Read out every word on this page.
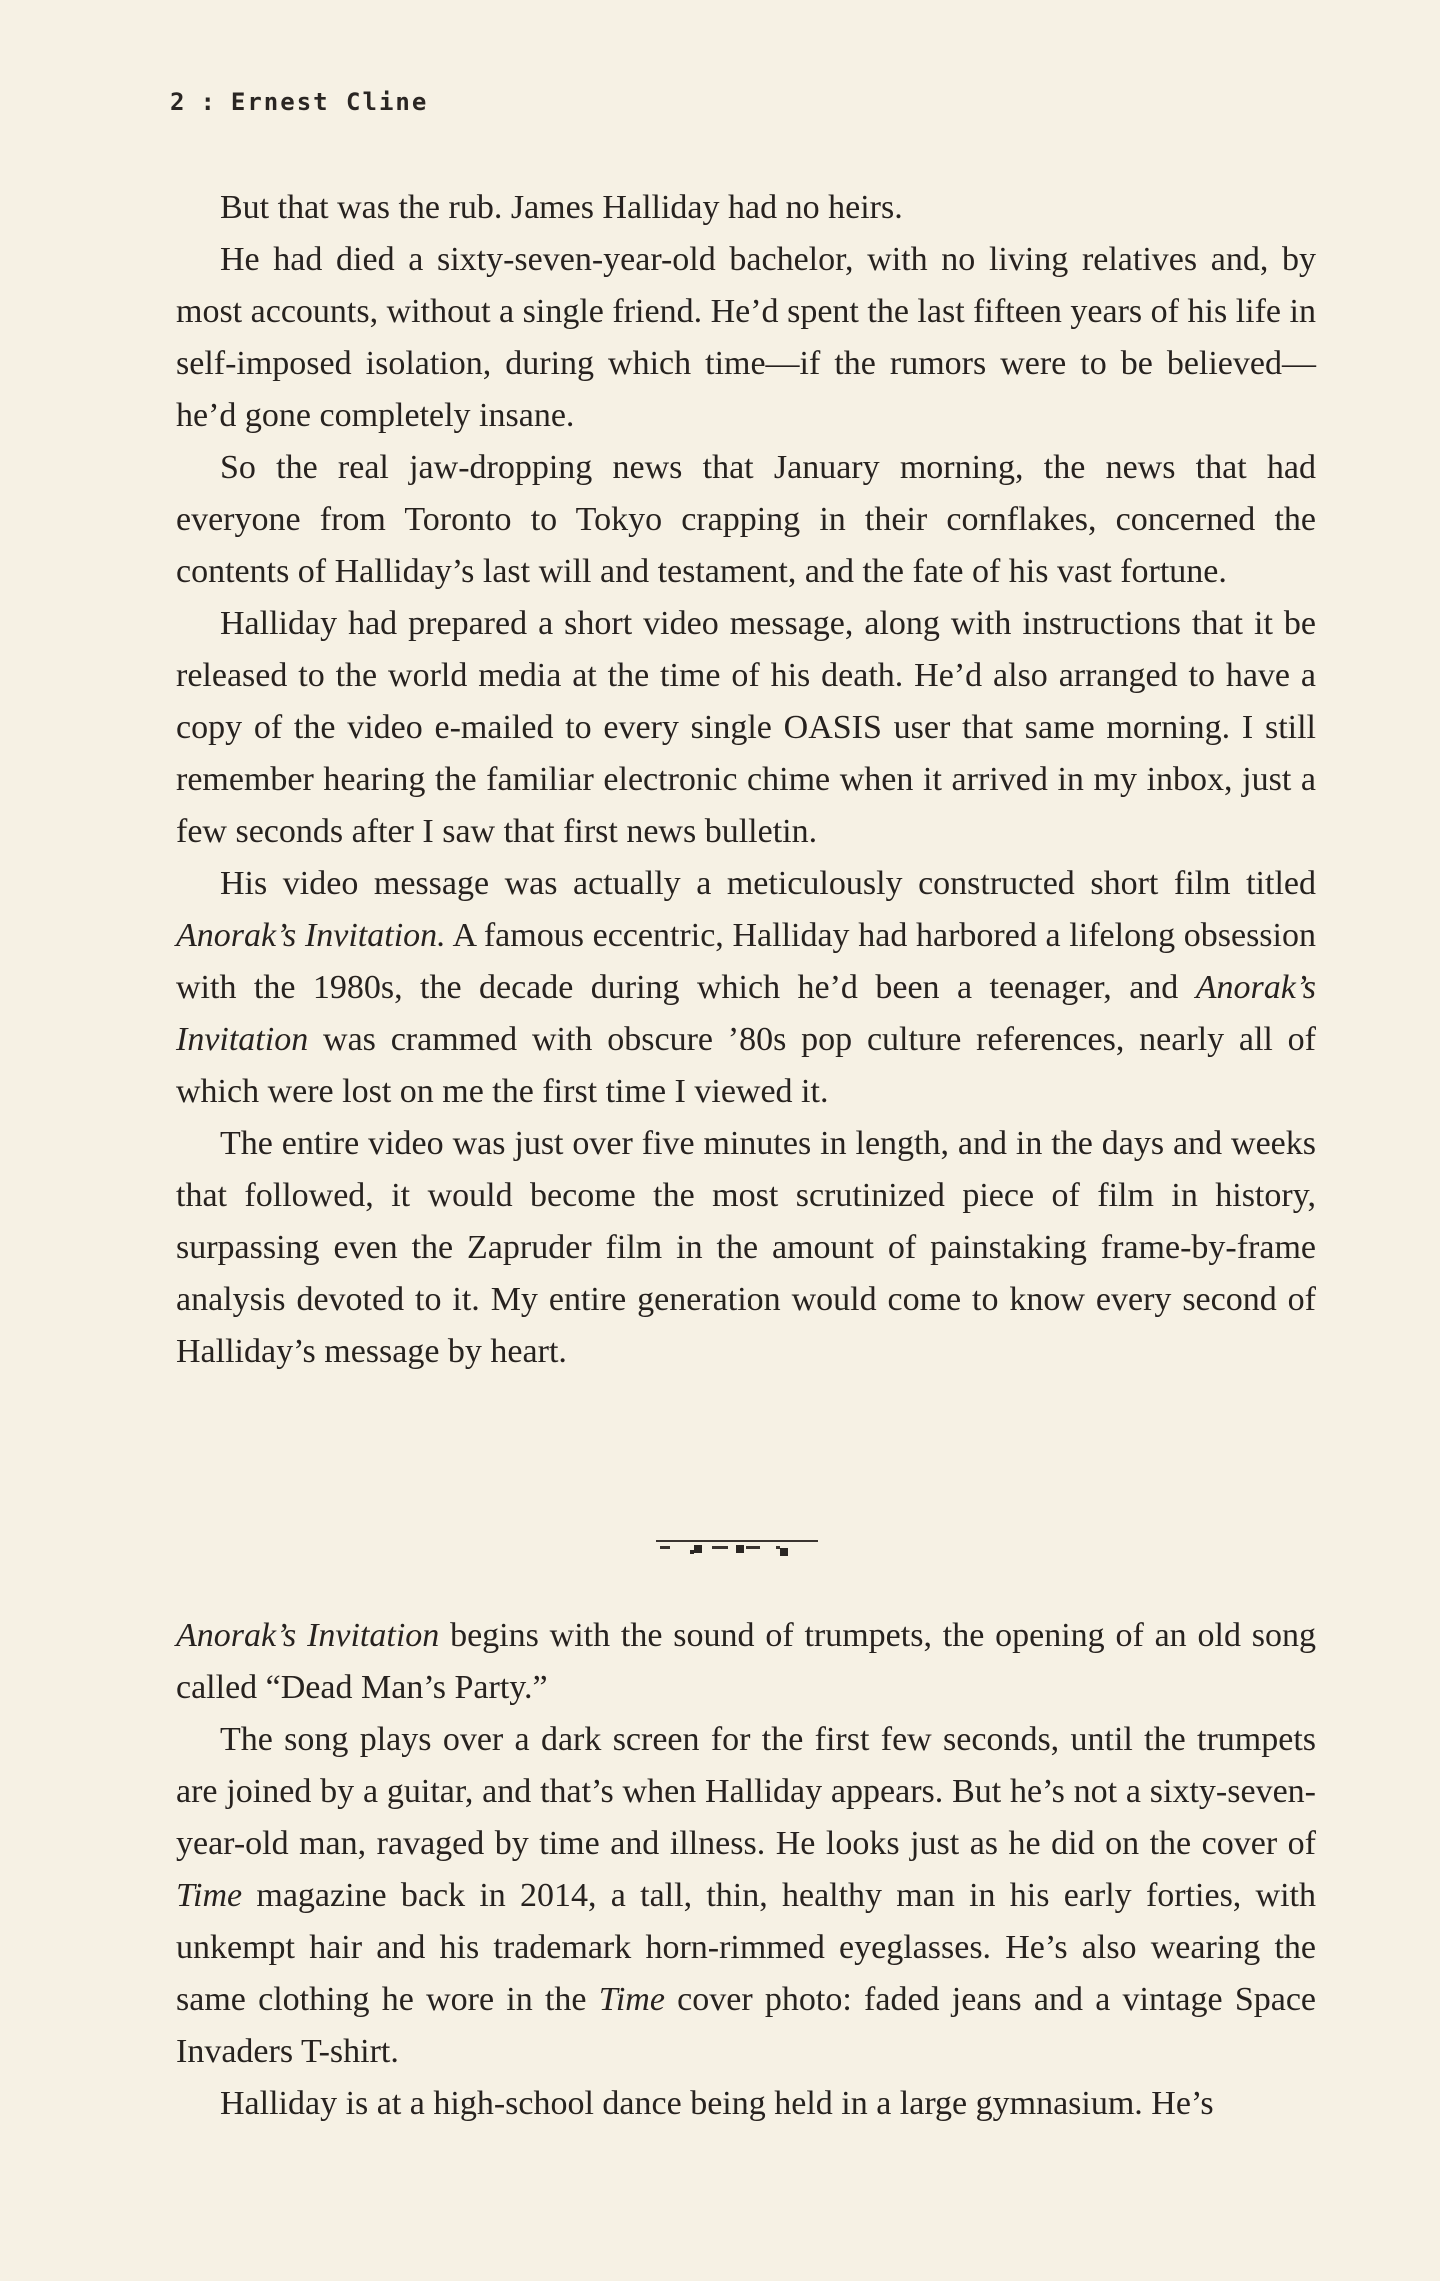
2 : Ernest Cline

But that was the rub. James Halliday had no heirs.

He had died a sixty-seven-year-old bachelor, with no living relatives and, by most accounts, without a single friend. He’d spent the last fifteen years of his life in self-imposed isolation, during which time—if the rumors were to be believed—he’d gone completely insane.

So the real jaw-dropping news that January morning, the news that had everyone from Toronto to Tokyo crapping in their cornflakes, concerned the contents of Halliday’s last will and testament, and the fate of his vast fortune.

Halliday had prepared a short video message, along with instructions that it be released to the world media at the time of his death. He’d also arranged to have a copy of the video e-mailed to every single OASIS user that same morning. I still remember hearing the familiar electronic chime when it arrived in my inbox, just a few seconds after I saw that first news bulletin.

His video message was actually a meticulously constructed short film titled Anorak’s Invitation. A famous eccentric, Halliday had harbored a lifelong obsession with the 1980s, the decade during which he’d been a teenager, and Anorak’s Invitation was crammed with obscure ’80s pop culture references, nearly all of which were lost on me the first time I viewed it.

The entire video was just over five minutes in length, and in the days and weeks that followed, it would become the most scrutinized piece of film in history, surpassing even the Zapruder film in the amount of painstaking frame-by-frame analysis devoted to it. My entire generation would come to know every second of Halliday’s message by heart.

Anorak’s Invitation begins with the sound of trumpets, the opening of an old song called “Dead Man’s Party.”

The song plays over a dark screen for the first few seconds, until the trumpets are joined by a guitar, and that’s when Halliday appears. But he’s not a sixty-seven-year-old man, ravaged by time and illness. He looks just as he did on the cover of Time magazine back in 2014, a tall, thin, healthy man in his early forties, with unkempt hair and his trademark horn-rimmed eyeglasses. He’s also wearing the same clothing he wore in the Time cover photo: faded jeans and a vintage Space Invaders T-shirt.

Halliday is at a high-school dance being held in a large gymnasium. He’s
